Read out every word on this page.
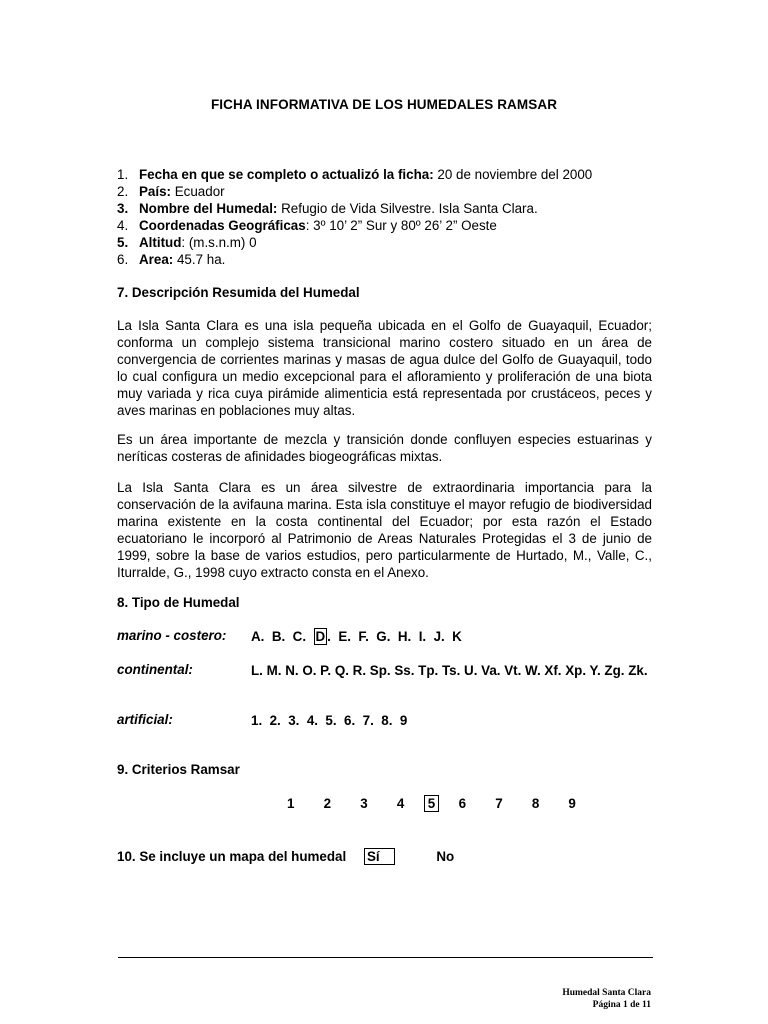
FICHA INFORMATIVA DE LOS HUMEDALES RAMSAR
1. Fecha en que se completo o actualizó la ficha: 20 de noviembre del 2000
2. País: Ecuador
3. Nombre del Humedal: Refugio de Vida Silvestre. Isla Santa Clara.
4. Coordenadas Geográficas: 3º 10’ 2” Sur y 80º 26’ 2” Oeste
5. Altitud: (m.s.n.m) 0
6. Area: 45.7 ha.
7. Descripción Resumida del Humedal

La Isla Santa Clara es una isla pequeña ubicada en el Golfo de Guayaquil, Ecuador; conforma un complejo sistema transicional marino costero situado en un área de convergencia de corrientes marinas y masas de agua dulce del Golfo de Guayaquil, todo lo cual configura un medio excepcional para el afloramiento y proliferación de una biota muy variada y rica cuya pirámide alimenticia está representada por crustáceos, peces y aves marinas en poblaciones muy altas.

Es un área importante de mezcla y transición donde confluyen especies estuarinas y neríticas costeras de afinidades biogeográficas mixtas.

La Isla Santa Clara es un área silvestre de extraordinaria importancia para la conservación de la avifauna marina. Esta isla constituye el mayor refugio de biodiversidad marina existente en la costa continental del Ecuador; por esta razón el Estado ecuatoriano le incorporó al Patrimonio de Areas Naturales Protegidas el 3 de junio de 1999, sobre la base de varios estudios, pero particularmente de Hurtado, M., Valle, C., Iturralde, G., 1998 cuyo extracto consta en el Anexo.

8. Tipo de Humedal
marino - costero: A.  B.  C.  D .  E.  F.  G.  H.  I.  J.  K
continental:	L. M. N. O. P. Q. R. Sp. Ss. Tp. Ts. U. Va. Vt. W. Xf. Xp. Y. Zg. Zk.
artificial:	1.  2.  3.  4.  5.  6.  7.  8.  9
9. Criterios Ramsar
1   2   3   4  5  6   7   8   9
10. Se incluye un mapa del humedal Sí	No
Humedal Santa Clara
Página 1 de 11
